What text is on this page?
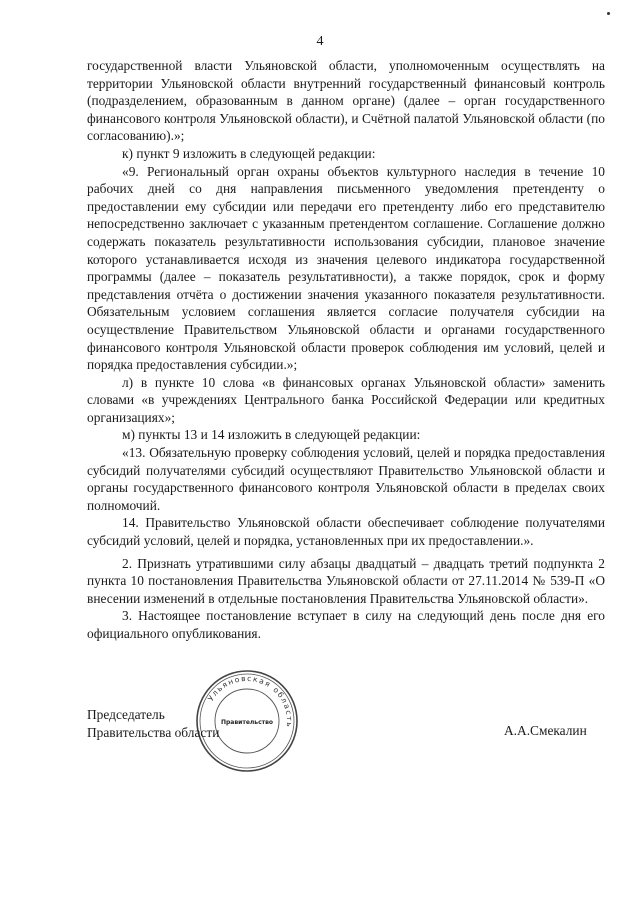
4

государственной власти Ульяновской области, уполномоченным осуществлять на территории Ульяновской области внутренний государственный финансовый контроль (подразделением, образованным в данном органе) (далее – орган государственного финансового контроля Ульяновской области), и Счётной палатой Ульяновской области (по согласованию).»;

к) пункт 9 изложить в следующей редакции:

«9. Региональный орган охраны объектов культурного наследия в течение 10 рабочих дней со дня направления письменного уведомления претенденту о предоставлении ему субсидии или передачи его претенденту либо его представителю непосредственно заключает с указанным претендентом соглашение. Соглашение должно содержать показатель результативности использования субсидии, плановое значение которого устанавливается исходя из значения целевого индикатора государственной программы (далее – показатель результативности), а также порядок, срок и форму представления отчёта о достижении значения указанного показателя результативности. Обязательным условием соглашения является согласие получателя субсидии на осуществление Правительством Ульяновской области и органами государственного финансового контроля Ульяновской области проверок соблюдения им условий, целей и порядка предоставления субсидии.»;

л) в пункте 10 слова «в финансовых органах Ульяновской области» заменить словами «в учреждениях Центрального банка Российской Федерации или кредитных организациях»;

м) пункты 13 и 14 изложить в следующей редакции:

«13. Обязательную проверку соблюдения условий, целей и порядка предоставления субсидий получателями субсидий осуществляют Правительство Ульяновской области и органы государственного финансового контроля Ульяновской области в пределах своих полномочий.

14. Правительство Ульяновской области обеспечивает соблюдение получателями субсидий условий, целей и порядка, установленных при их предоставлении.».

2. Признать утратившими силу абзацы двадцатый – двадцать третий подпункта 2 пункта 10 постановления Правительства Ульяновской области от 27.11.2014 № 539-П «О внесении изменений в отдельные постановления Правительства Ульяновской области».

3. Настоящее постановление вступает в силу на следующий день после дня его официального опубликования.

Ульяновская область
Правительство
Председатель
Правительства области	А.А.Смекалин
